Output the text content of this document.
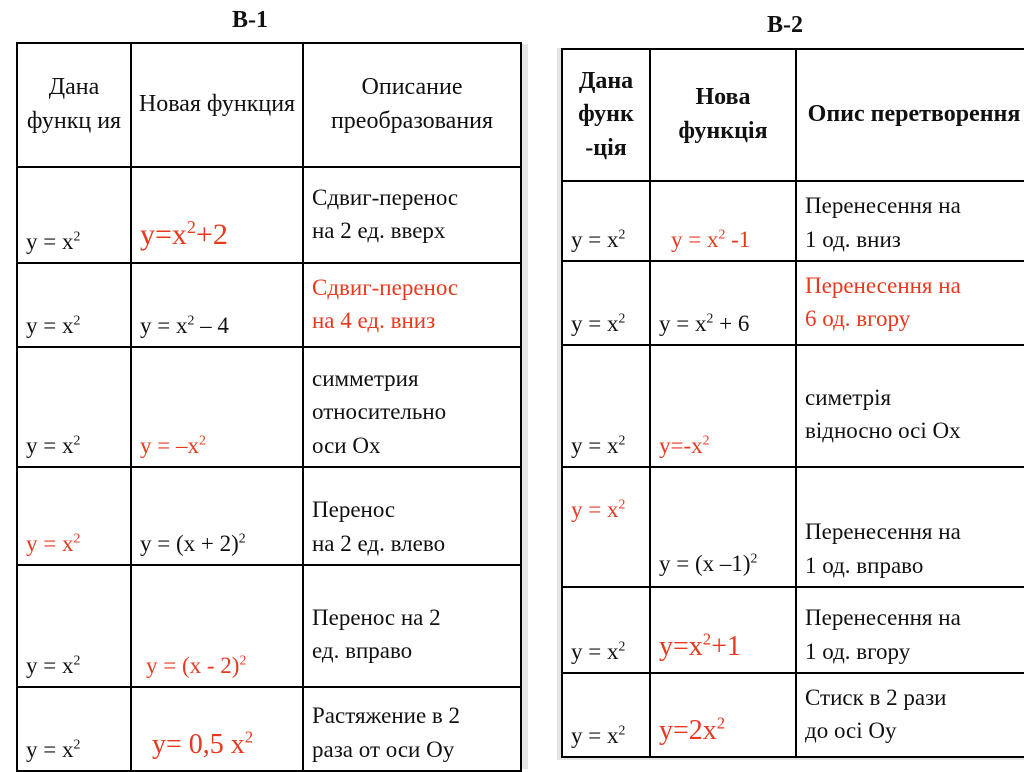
В-1	В-2
Дана функц ия	Новая функция	Описание преобразования
$y = x^2$	$y=x^2+2$	Сдвиг-перенос
на 2 ед. вверх

$y = x^2$	$y = x^2 - 4$	Сдвиг-перенос
на 4 ед. вниз

$y = x^2$	$y = -x^2$	симметрия
относительно
оси Ох

$y = x^2$	$y = (x + 2)^2$	Перенос
на 2 ед. влево

$y = x^2$	y = (x - 2)$^2$	Перенос на 2
ед. вправо

$y = x^2$	y= 0,5 $x^2$	Растяжение в 2
раза от оси Оу
Дана функ -ція	Нова функція	Опис перетворення
$y = x^2$	$y = x^2$ -1	Перенесення на
1 од. вниз

$y = x^2$	$y = x^2 + 6$	Перенесення на
6 од. вгору

$y = x^2$	$y=-x^2$	симетрія
відносно осі Ох

$y = x^2$	y = (x –1)$^2$	Перенесення на
1 од. вправо

$y = x^2$	$y=x^2+1$	Перенесення на
1 од. вгору

$y = x^2$	$y=2x^2$	Стиск в 2 рази
до осі Оу
